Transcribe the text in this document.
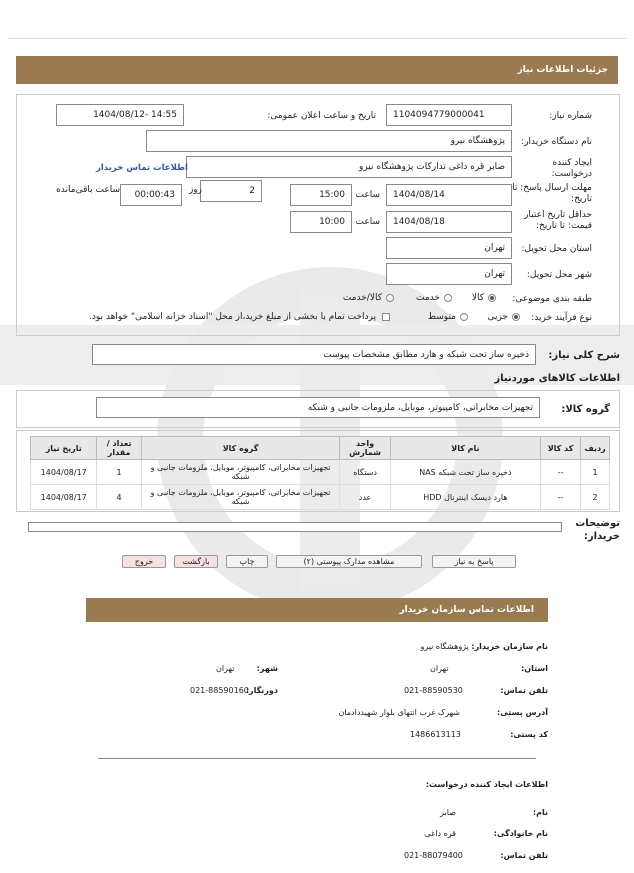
جزئیات اطلاعات نیاز
شماره نیاز:
1104094779000041
تاریخ و ساعت اعلان عمومی:
1404/08/12- 14:55
نام دستگاه خریدار:
پژوهشگاه نیرو
ایجاد کننده
درخواست:
صابر قره داغی تدارکات پژوهشگاه نیرو
اطلاعات تماس خریدار
مهلت ارسال پاسخ: تا
تاریخ:
1404/08/14
ساعت
15:00
2
روز
00:00:43
ساعت باقی‌مانده
حداقل تاریخ اعتبار
قیمت: تا تاریخ:
1404/08/18
ساعت
10:00
استان محل تحویل:
تهران
شهر محل تحویل:
تهران
طبقه بندی موضوعی:
کالا
خدمت
کالا/خدمت
نوع فرآیند خرید:
جزیی
متوسط
پرداخت تمام یا بخشی از مبلغ خرید،از محل "اسناد خزانه اسلامی" خواهد بود.
شرح کلی نیاز:
ذخیره ساز تحت شبکه و هارد مطابق مشخصات پیوست
اطلاعات کالاهای موردنیاز
گروه کالا:
تجهیزات مخابراتی، کامپیوتر، موبایل، ملزومات جانبی و شبکه
ردیف	کد کالا	نام کالا	واحد شمارش	گروه کالا	تعداد / مقدار	تاریخ نیاز
1	--	ذخیره ساز تحت شبکه NAS	دستگاه	تجهیزات مخابراتی، کامپیوتر، موبایل، ملزومات جانبی و شبکه	1	1404/08/17
2	--	هارد دیسک اینترنال HDD	عدد	تجهیزات مخابراتی، کامپیوتر، موبایل، ملزومات جانبی و شبکه	4	1404/08/17
توضیحات خریدار:
پاسخ به نیاز
مشاهده مدارک پیوستی (۲)
چاپ
بازگشت
خروج
اطلاعات تماس سازمان خریدار
نام سازمان خریدار: پژوهشگاه نیرو
استان:
تهران
شهر:
تهران
تلفن تماس:
021-88590530
دورنگار:
021-88590160
آدرس پستی:
شهرک غرب انتهای بلوار شهیددادمان
کد پستی:
1486613113
اطلاعات ایجاد کننده درخواست:
نام:
صابر
نام خانوادگی:
قره داغی
تلفن تماس:
021-88079400
